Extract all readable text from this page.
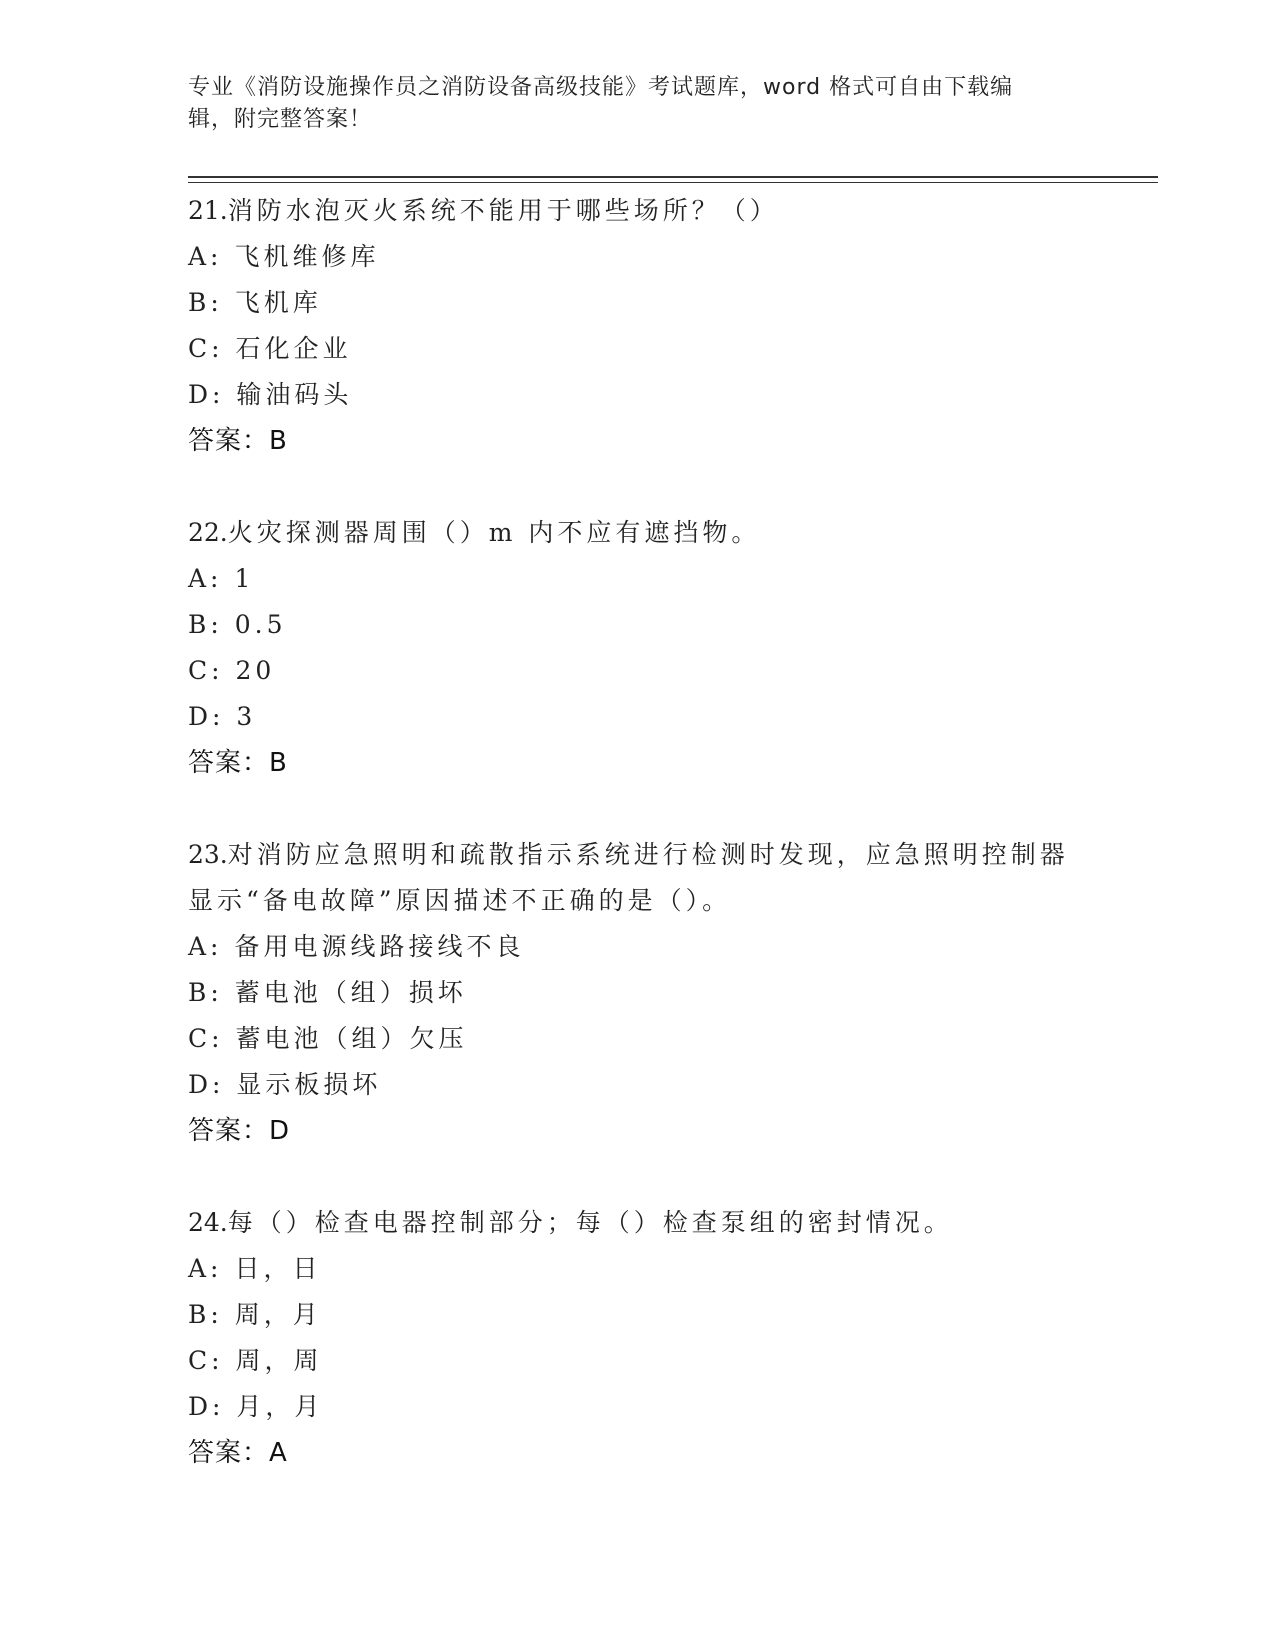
专业《消防设施操作员之消防设备高级技能》考试题库，word 格式可自由下载编
辑，附完整答案！
21.消防水泡灭火系统不能用于哪些场所？（）
A: 飞机维修库
B: 飞机库
C: 石化企业
D: 输油码头
答案：B
22.火灾探测器周围（）m 内不应有遮挡物。
A: 1
B: 0.5
C: 20
D: 3
答案：B
23.对消防应急照明和疏散指示系统进行检测时发现，应急照明控制器
显示“备电故障”原因描述不正确的是（）。
A: 备用电源线路接线不良
B: 蓄电池（组）损坏
C: 蓄电池（组）欠压
D: 显示板损坏
答案：D
24.每（）检查电器控制部分；每（）检查泵组的密封情况。
A: 日，日
B: 周，月
C: 周，周
D: 月，月
答案：A
